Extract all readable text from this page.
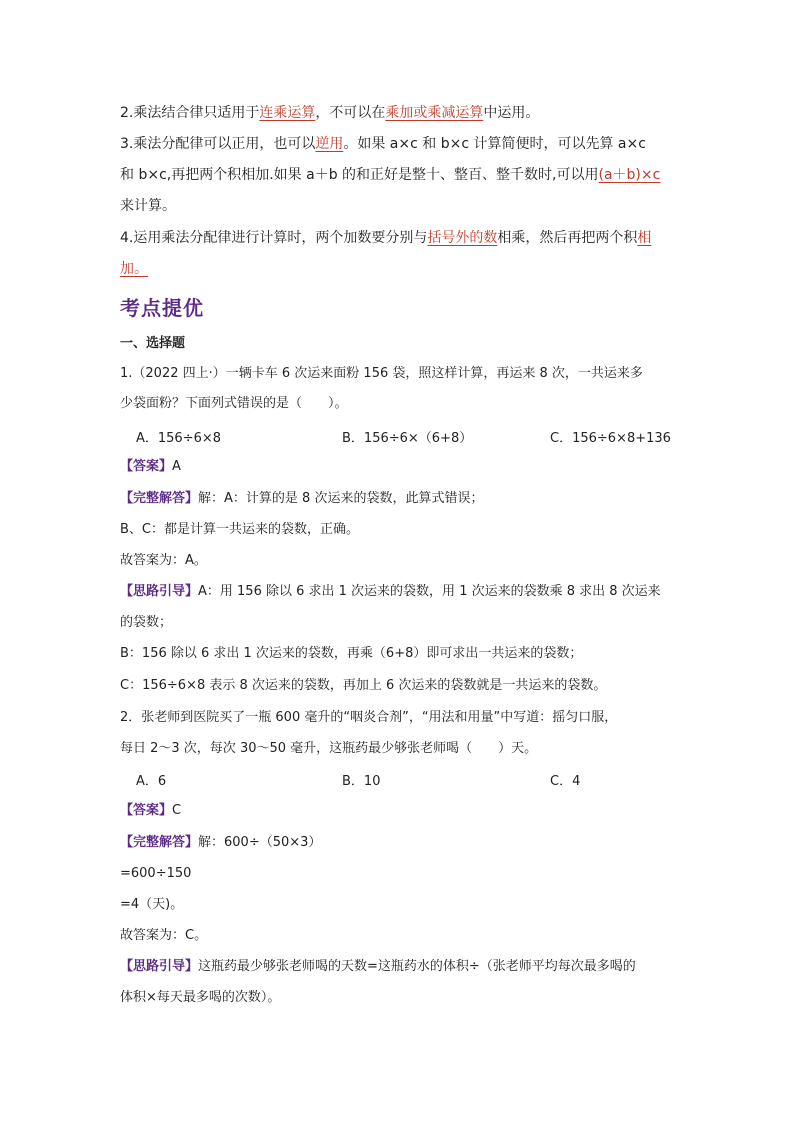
2.乘法结合律只适用于连乘运算，不可以在乘加或乘减运算中运用。
3.乘法分配律可以正用，也可以逆用。如果 a×c 和 b×c 计算简便时，可以先算 a×c
和 b×c,再把两个积相加.如果 a＋b 的和正好是整十、整百、整千数时,可以用(a＋b)×c
来计算。
4.运用乘法分配律进行计算时，两个加数要分别与括号外的数相乘，然后再把两个积相
加。
考点提优
一、选择题
1.（2022 四上·）一辆卡车 6 次运来面粉 156 袋，照这样计算，再运来 8 次，一共运来多
少袋面粉？下面列式错误的是（　　）。
A．156÷6×8	B．156÷6×（6+8）	C．156÷6×8+136
【答案】A
【完整解答】解：A：计算的是 8 次运来的袋数，此算式错误；
B、C：都是计算一共运来的袋数，正确。
故答案为：A。
【思路引导】A：用 156 除以 6 求出 1 次运来的袋数，用 1 次运来的袋数乘 8 求出 8 次运来
的袋数；
B：156 除以 6 求出 1 次运来的袋数，再乘（6+8）即可求出一共运来的袋数；
C：156÷6×8 表示 8 次运来的袋数，再加上 6 次运来的袋数就是一共运来的袋数。
2．张老师到医院买了一瓶 600 毫升的“咽炎合剂”，“用法和用量”中写道：摇匀口服，
每日 2～3 次，每次 30～50 毫升，这瓶药最少够张老师喝（　　）天。
A．6	B．10	C．4
【答案】C
【完整解答】解：600÷（50×3）
=600÷150
=4（天)。
故答案为：C。
【思路引导】这瓶药最少够张老师喝的天数=这瓶药水的体积÷（张老师平均每次最多喝的
体积×每天最多喝的次数）。
